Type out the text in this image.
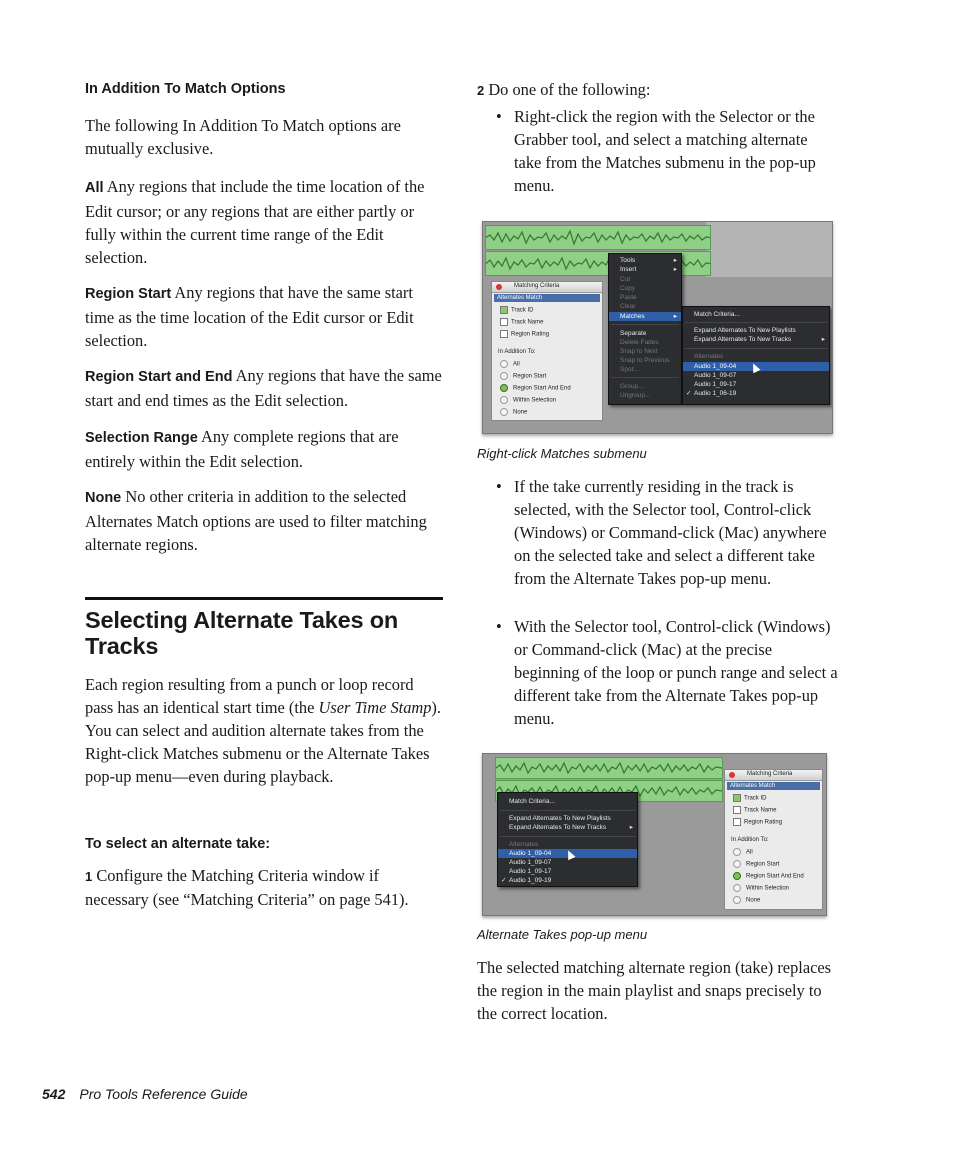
In Addition To Match Options

The following In Addition To Match options are mutually exclusive.

All Any regions that include the time location of the Edit cursor; or any regions that are either partly or fully within the current time range of the Edit selection.

Region Start Any regions that have the same start time as the time location of the Edit cursor or Edit selection.

Region Start and End Any regions that have the same start and end times as the Edit selection.

Selection Range Any complete regions that are entirely within the Edit selection.

None No other criteria in addition to the selected Alternates Match options are used to filter matching alternate regions.

Selecting Alternate Takes on
Tracks

Each region resulting from a punch or loop record pass has an identical start time (the User Time Stamp). You can select and audition alternate takes from the Right-click Matches submenu or the Alternate Takes pop-up menu—even during playback.

To select an alternate take:

1 Configure the Matching Criteria window if necessary (see “Matching Criteria” on page 541).

2 Do one of the following:

• Right-click the region with the Selector or the Grabber tool, and select a matching alternate take from the Matches submenu in the pop-up menu.
Matching Criteria
Alternates Match
Track ID
Track Name
Region Rating
In Addition To:
All
Region Start
Region Start And End
Within Selection
None
Tools	▸
Insert	▸
Cut
Copy
Paste
Clear
Matches	▸
Separate
Delete Fades
Snap to Next
Snap to Previous
Spot...
Group...
Ungroup...
Match Criteria...
Expand Alternates To New Playlists
Expand Alternates To New Tracks	▸
Alternates
Audio 1_09-04
Audio 1_09-07
Audio 1_09-17
✓ Audio 1_06-19
Right-click Matches submenu
• If the take currently residing in the track is selected, with the Selector tool, Control-click (Windows) or Command-click (Mac) anywhere on the selected take and select a different take from the Alternate Takes pop-up menu.
• With the Selector tool, Control-click (Windows) or Command-click (Mac) at the precise beginning of the loop or punch range and select a different take from the Alternate Takes pop-up menu.
Match Criteria...
Expand Alternates To New Playlists
Expand Alternates To New Tracks	▸
Alternates
Audio 1_09-04
Audio 1_09-07
Audio 1_09-17
✓ Audio 1_09-19
Matching Criteria
Alternates Match
Track ID
Track Name
Region Rating
In Addition To:
All
Region Start
Region Start And End
Within Selection
None
Alternate Takes pop-up menu

The selected matching alternate region (take) replaces the region in the main playlist and snaps precisely to the correct location.

542 Pro Tools Reference Guide
